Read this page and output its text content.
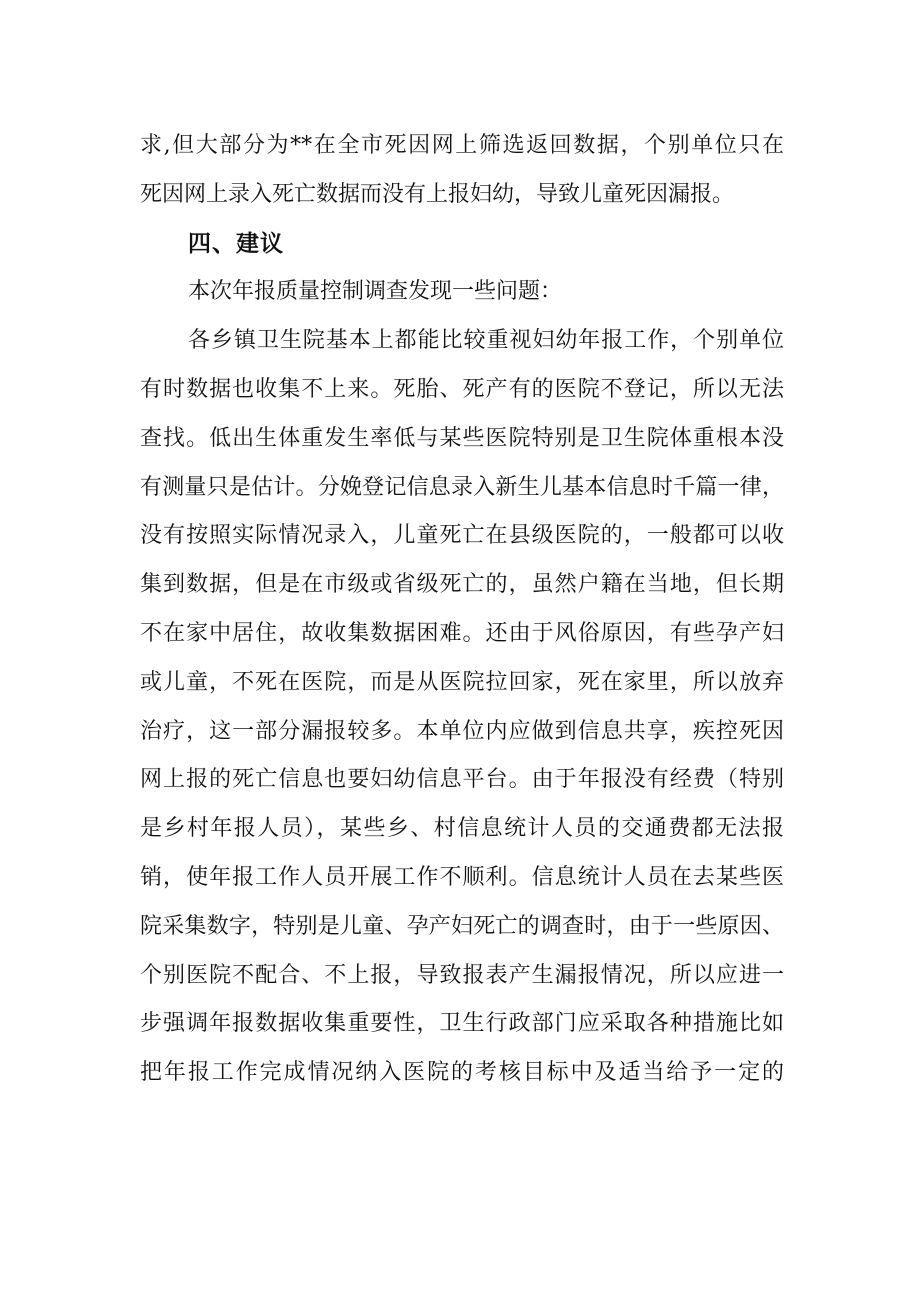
求,但大部分为**在全市死因网上筛选返回数据，个别单位只在
死因网上录入死亡数据而没有上报妇幼，导致儿童死因漏报。
四、建议
本次年报质量控制调查发现一些问题：
各乡镇卫生院基本上都能比较重视妇幼年报工作，个别单位
有时数据也收集不上来。死胎、死产有的医院不登记，所以无法
查找。低出生体重发生率低与某些医院特别是卫生院体重根本没
有测量只是估计。分娩登记信息录入新生儿基本信息时千篇一律，
没有按照实际情况录入，儿童死亡在县级医院的，一般都可以收
集到数据，但是在市级或省级死亡的，虽然户籍在当地，但长期
不在家中居住，故收集数据困难。还由于风俗原因，有些孕产妇
或儿童，不死在医院，而是从医院拉回家，死在家里，所以放弃
治疗，这一部分漏报较多。本单位内应做到信息共享，疾控死因
网上报的死亡信息也要妇幼信息平台。由于年报没有经费（特别
是乡村年报人员），某些乡、村信息统计人员的交通费都无法报
销，使年报工作人员开展工作不顺利。信息统计人员在去某些医
院采集数字，特别是儿童、孕产妇死亡的调查时，由于一些原因、
个别医院不配合、不上报，导致报表产生漏报情况，所以应进一
步强调年报数据收集重要性，卫生行政部门应采取各种措施比如
把年报工作完成情况纳入医院的考核目标中及适当给予一定的
